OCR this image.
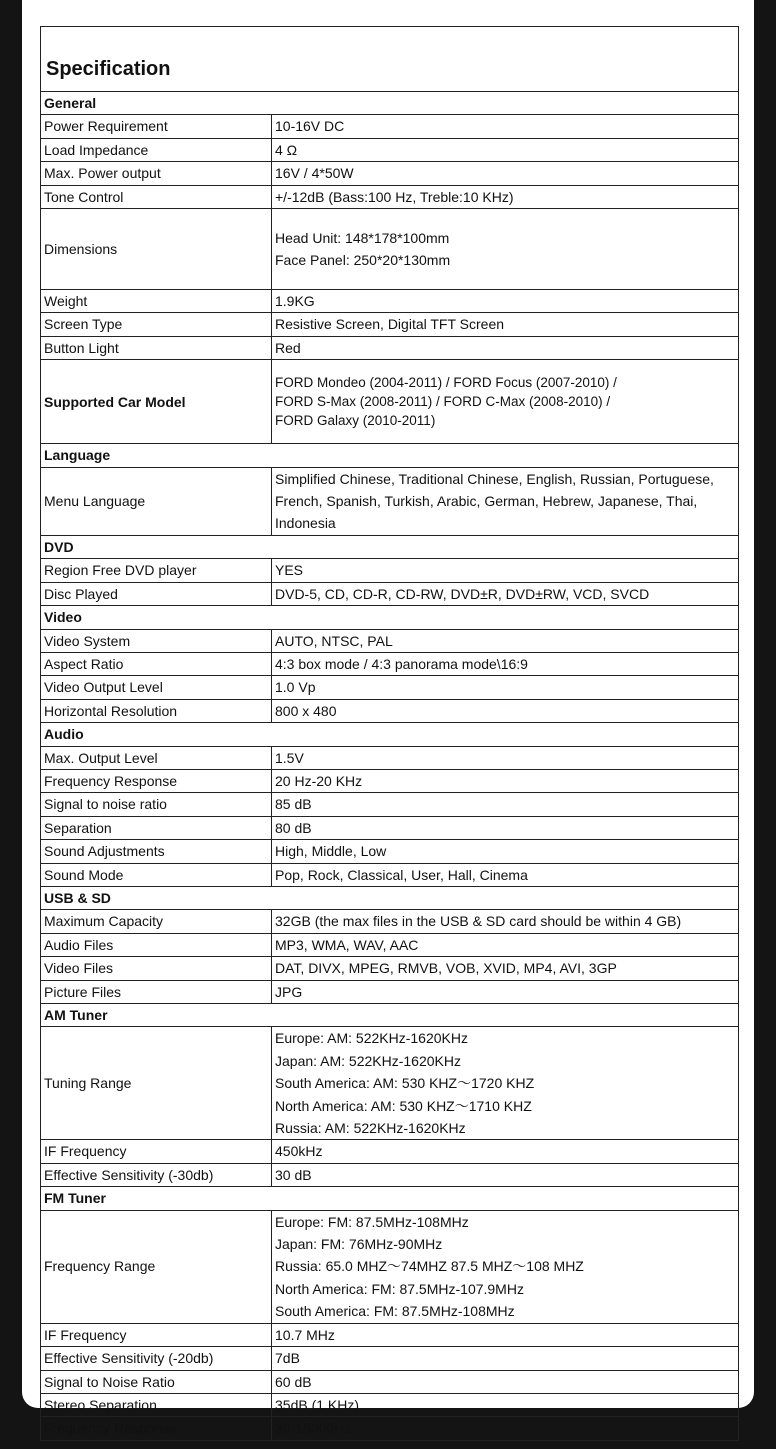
Specification	
General	
Power Requirement	10-16V DC
Load Impedance	4 Ω
Max. Power output	16V / 4*50W
Tone Control	+/-12dB (Bass:100 Hz, Treble:10 KHz)
Dimensions	Head Unit: 148*178*100mm
Face Panel: 250*20*130mm

Weight	1.9KG
Screen Type	Resistive Screen, Digital TFT Screen
Button Light	Red
Supported Car Model	FORD Mondeo (2004-2011) / FORD Focus (2007-2010) /
FORD S-Max (2008-2011) / FORD C-Max (2008-2010) /
FORD Galaxy (2010-2011)

Language	
Menu Language	Simplified Chinese, Traditional Chinese, English, Russian, Portuguese,
French, Spanish, Turkish, Arabic, German, Hebrew, Japanese, Thai,
Indonesia

DVD	
Region Free DVD player	YES
Disc Played	DVD-5, CD, CD-R, CD-RW, DVD±R, DVD±RW, VCD, SVCD
Video	
Video System	AUTO, NTSC, PAL
Aspect Ratio	4:3 box mode / 4:3 panorama mode\16:9
Video Output Level	1.0 Vp
Horizontal Resolution	800 x 480
Audio	
Max. Output Level	1.5V
Frequency Response	20 Hz-20 KHz
Signal to noise ratio	85 dB
Separation	80 dB
Sound Adjustments	High, Middle, Low
Sound Mode	Pop, Rock, Classical, User, Hall, Cinema
USB & SD	
Maximum Capacity	32GB (the max files in the USB & SD card should be within 4 GB)
Audio Files	MP3, WMA, WAV, AAC
Video Files	DAT, DIVX, MPEG, RMVB, VOB, XVID, MP4, AVI, 3GP
Picture Files	JPG
AM Tuner	
Tuning Range	Europe: AM: 522KHz-1620KHz
Japan: AM: 522KHz-1620KHz
South America: AM: 530 KHZ～1720 KHZ
North America: AM: 530 KHZ～1710 KHZ
Russia: AM: 522KHz-1620KHz

IF Frequency	450kHz
Effective Sensitivity (-30db)	30 dB
FM Tuner	
Frequency Range	Europe: FM: 87.5MHz-108MHz
Japan: FM: 76MHz-90MHz
Russia: 65.0 MHZ～74MHZ 87.5 MHZ～108 MHZ
North America: FM: 87.5MHz-107.9MHz
South America: FM: 87.5MHz-108MHz

IF Frequency	10.7 MHz
Effective Sensitivity (-20db)	7dB
Signal to Noise Ratio	60 dB
Stereo Separation	35dB (1 KHz)
Frequency Response	30-15000Hz
